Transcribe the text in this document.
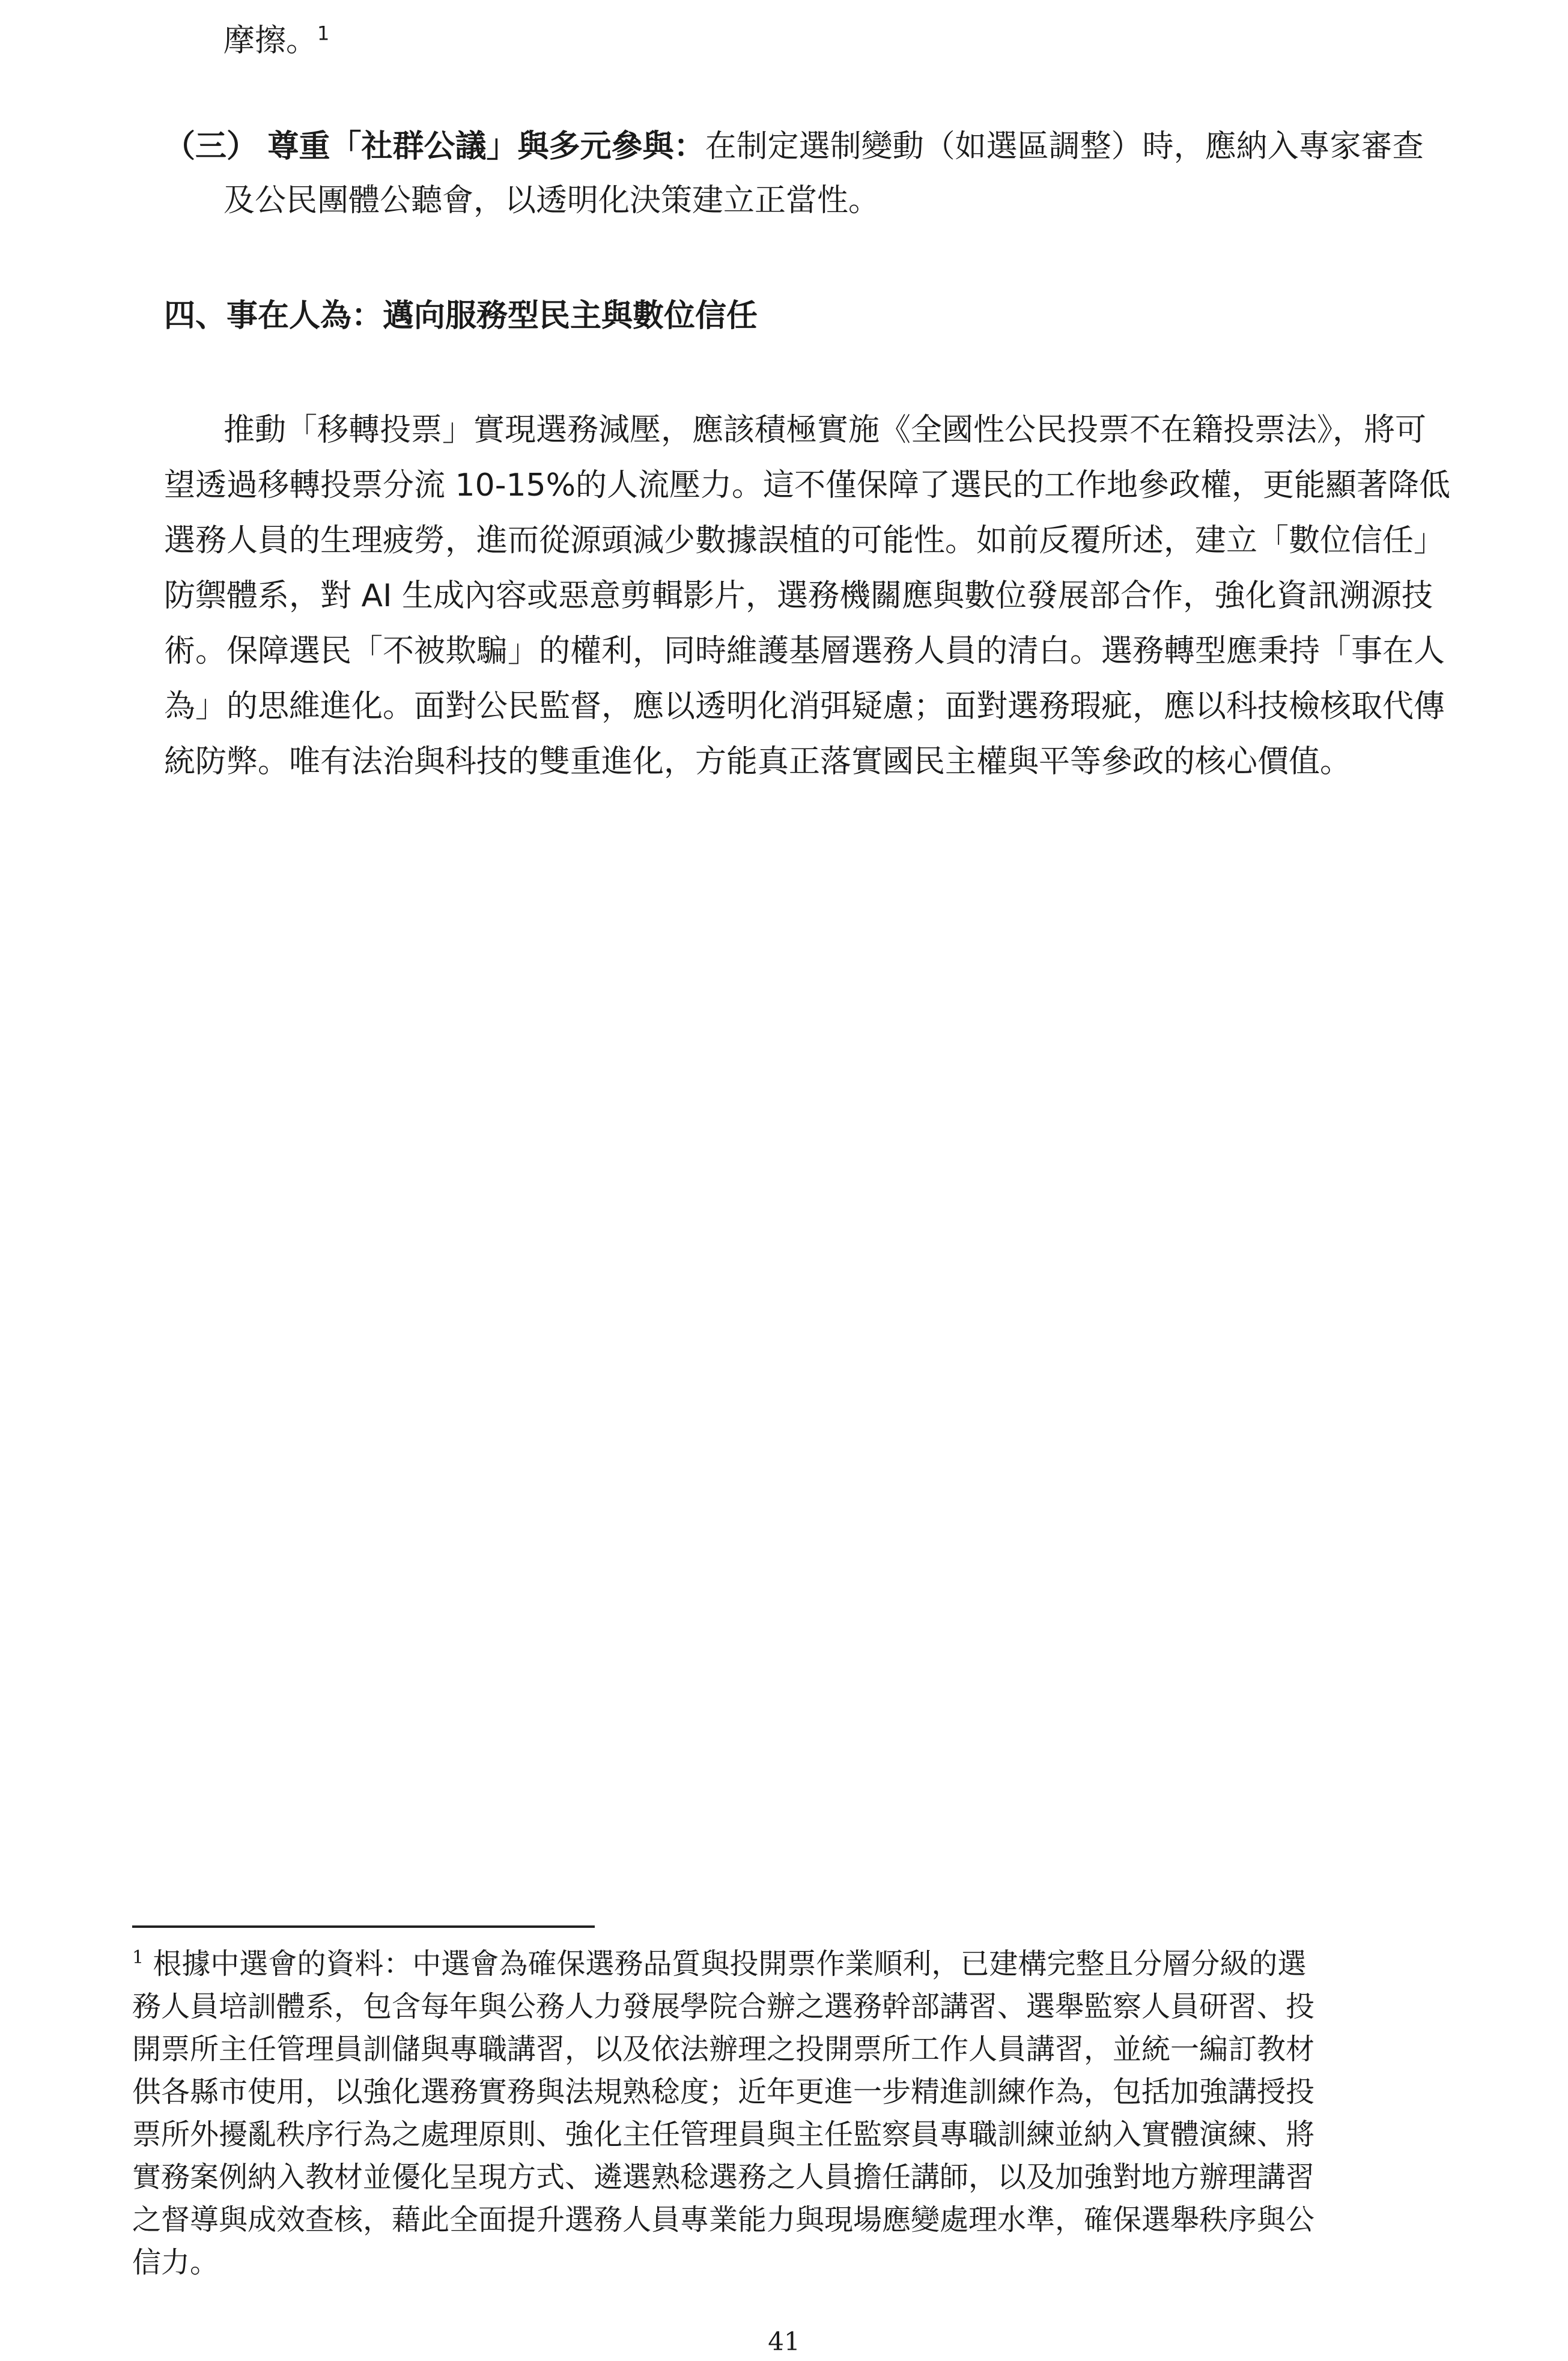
摩擦。$^1$
（三） 尊重「社群公議」與多元參與：在制定選制變動（如選區調整）時，應納入專家審查
及公民團體公聽會，以透明化決策建立正當性。
四、事在人為：邁向服務型民主與數位信任
推動「移轉投票」實現選務減壓，應該積極實施《全國性公民投票不在籍投票法》，將可
望透過移轉投票分流 10-15%的人流壓力。這不僅保障了選民的工作地參政權，更能顯著降低
選務人員的生理疲勞，進而從源頭減少數據誤植的可能性。如前反覆所述，建立「數位信任」
防禦體系，對 AI 生成內容或惡意剪輯影片，選務機關應與數位發展部合作，強化資訊溯源技
術。保障選民「不被欺騙」的權利，同時維護基層選務人員的清白。選務轉型應秉持「事在人
為」的思維進化。面對公民監督，應以透明化消弭疑慮；面對選務瑕疵，應以科技檢核取代傳
統防弊。唯有法治與科技的雙重進化，方能真正落實國民主權與平等參政的核心價值。
$^1$ 根據中選會的資料：中選會為確保選務品質與投開票作業順利，已建構完整且分層分級的選
務人員培訓體系，包含每年與公務人力發展學院合辦之選務幹部講習、選舉監察人員研習、投
開票所主任管理員訓儲與專職講習，以及依法辦理之投開票所工作人員講習，並統一編訂教材
供各縣市使用，以強化選務實務與法規熟稔度；近年更進一步精進訓練作為，包括加強講授投
票所外擾亂秩序行為之處理原則、強化主任管理員與主任監察員專職訓練並納入實體演練、將
實務案例納入教材並優化呈現方式、遴選熟稔選務之人員擔任講師，以及加強對地方辦理講習
之督導與成效查核，藉此全面提升選務人員專業能力與現場應變處理水準，確保選舉秩序與公
信力。
41
